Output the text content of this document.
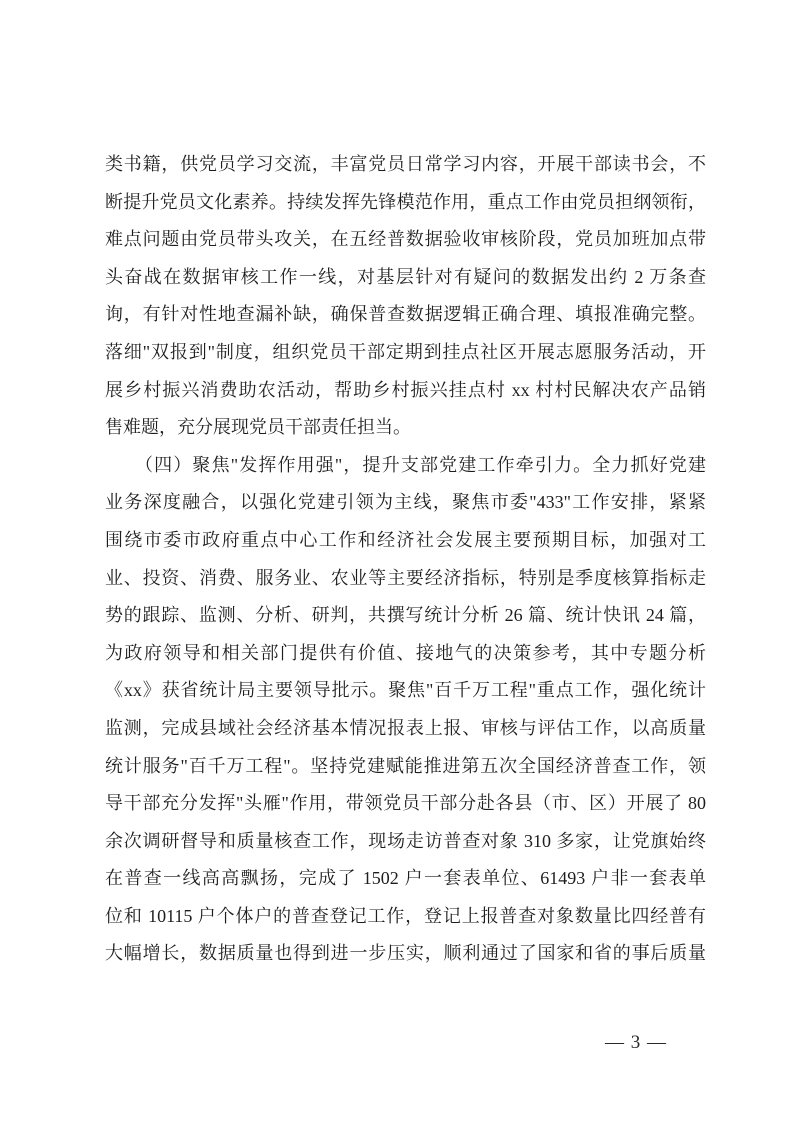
类书籍，供党员学习交流，丰富党员日常学习内容，开展干部读书会，不
断提升党员文化素养。持续发挥先锋模范作用，重点工作由党员担纲领衔，
难点问题由党员带头攻关，在五经普数据验收审核阶段，党员加班加点带
头奋战在数据审核工作一线，对基层针对有疑问的数据发出约 2 万条查
询，有针对性地查漏补缺，确保普查数据逻辑正确合理、填报准确完整。
落细"双报到"制度，组织党员干部定期到挂点社区开展志愿服务活动，开
展乡村振兴消费助农活动，帮助乡村振兴挂点村 xx 村村民解决农产品销
售难题，充分展现党员干部责任担当。
（四）聚焦"发挥作用强"，提升支部党建工作牵引力。全力抓好党建
业务深度融合，以强化党建引领为主线，聚焦市委"433"工作安排，紧紧
围绕市委市政府重点中心工作和经济社会发展主要预期目标，加强对工
业、投资、消费、服务业、农业等主要经济指标，特别是季度核算指标走
势的跟踪、监测、分析、研判，共撰写统计分析 26 篇、统计快讯 24 篇，
为政府领导和相关部门提供有价值、接地气的决策参考，其中专题分析
《xx》获省统计局主要领导批示。聚焦"百千万工程"重点工作，强化统计
监测，完成县域社会经济基本情况报表上报、审核与评估工作，以高质量
统计服务"百千万工程"。坚持党建赋能推进第五次全国经济普查工作，领
导干部充分发挥"头雁"作用，带领党员干部分赴各县（市、区）开展了 80
余次调研督导和质量核查工作，现场走访普查对象 310 多家，让党旗始终
在普查一线高高飘扬，完成了 1502 户一套表单位、61493 户非一套表单
位和 10115 户个体户的普查登记工作，登记上报普查对象数量比四经普有
大幅增长，数据质量也得到进一步压实，顺利通过了国家和省的事后质量
— 3 —
